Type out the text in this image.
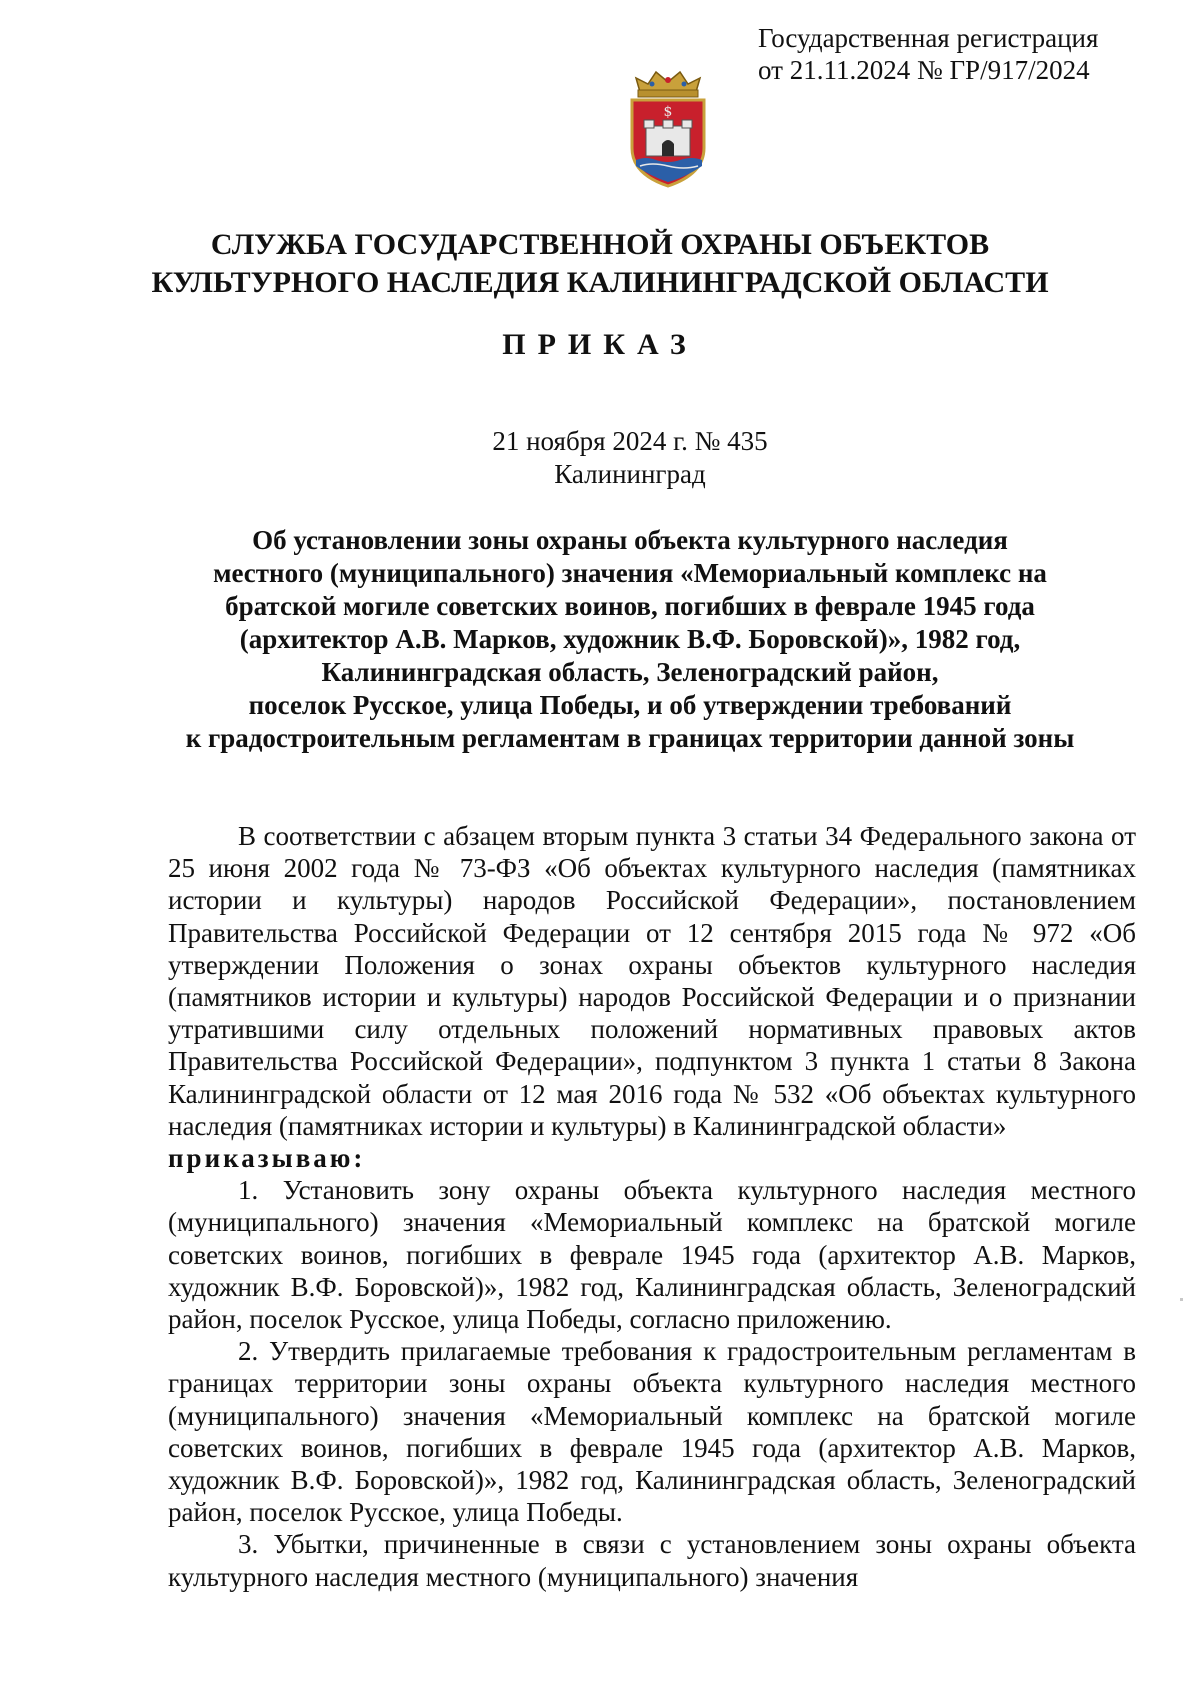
Государственная регистрация
от 21.11.2024 № ГР/917/2024
$
СЛУЖБА ГОСУДАРСТВЕННОЙ ОХРАНЫ ОБЪЕКТОВ
КУЛЬТУРНОГО НАСЛЕДИЯ КАЛИНИНГРАДСКОЙ ОБЛАСТИ
ПРИКАЗ
21 ноября 2024 г. № 435
Калининград
Об установлении зоны охраны объекта культурного наследия
местного (муниципального) значения «Мемориальный комплекс на
братской могиле советских воинов, погибших в феврале 1945 года
(архитектор А.В. Марков, художник В.Ф. Боровской)», 1982 год,
Калининградская область, Зеленоградский район,
поселок Русское, улица Победы, и об утверждении требований
к градостроительным регламентам в границах территории данной зоны

В соответствии с абзацем вторым пункта 3 статьи 34 Федерального закона от 25 июня 2002 года № 73-ФЗ «Об объектах культурного наследия (памятниках истории и культуры) народов Российской Федерации», постановлением Правительства Российской Федерации от 12 сентября 2015 года № 972 «Об утверждении Положения о зонах охраны объектов культурного наследия (памятников истории и культуры) народов Российской Федерации и о признании утратившими силу отдельных положений нормативных правовых актов Правительства Российской Федерации», подпунктом 3 пункта 1 статьи 8 Закона Калининградской области от 12 мая 2016 года № 532 «Об объектах культурного наследия (памятниках истории и культуры) в Калининградской области»

приказываю:

1. Установить зону охраны объекта культурного наследия местного (муниципального) значения «Мемориальный комплекс на братской могиле советских воинов, погибших в феврале 1945 года (архитектор А.В. Марков, художник В.Ф. Боровской)», 1982 год, Калининградская область, Зеленоградский район, поселок Русское, улица Победы, согласно приложению.

2. Утвердить прилагаемые требования к градостроительным регламентам в границах территории зоны охраны объекта культурного наследия местного (муниципального) значения «Мемориальный комплекс на братской могиле советских воинов, погибших в феврале 1945 года (архитектор А.В. Марков, художник В.Ф. Боровской)», 1982 год, Калининградская область, Зеленоградский район, поселок Русское, улица Победы.

3. Убытки, причиненные в связи с установлением зоны охраны объекта культурного наследия местного (муниципального) значения
